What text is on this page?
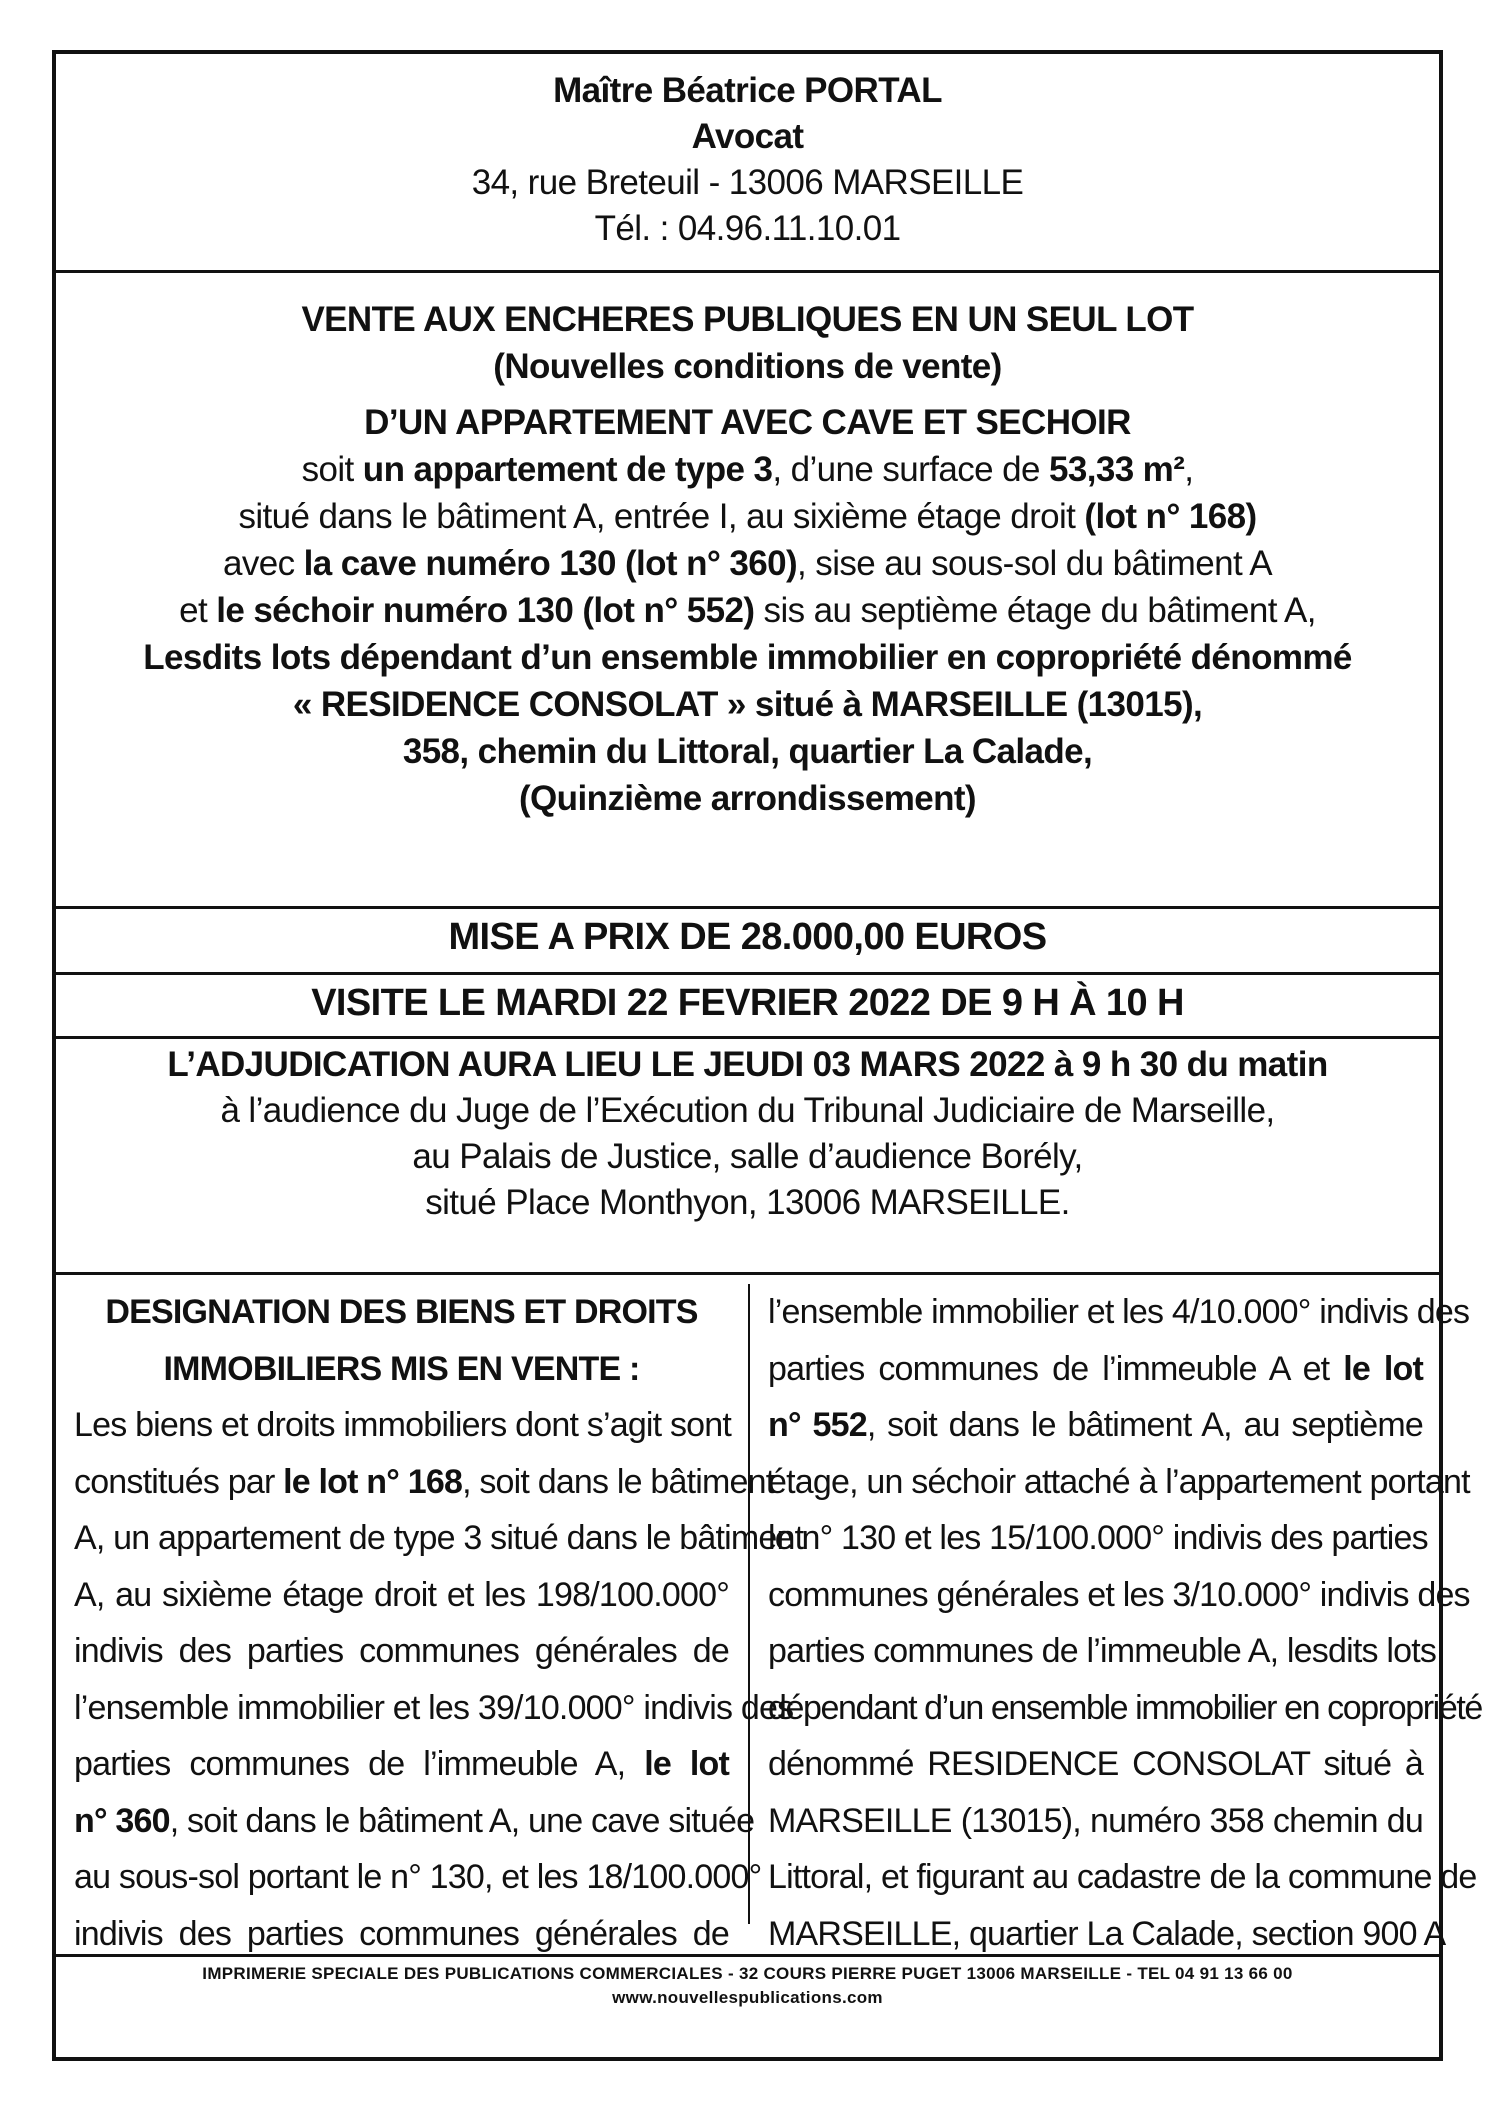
Maître Béatrice PORTAL
Avocat
34, rue Breteuil - 13006 MARSEILLE
Tél. : 04.96.11.10.01
VENTE AUX ENCHERES PUBLIQUES EN UN SEUL LOT
(Nouvelles conditions de vente)
D’UN APPARTEMENT AVEC CAVE ET SECHOIR
soit un appartement de type 3, d’une surface de 53,33 m²,
situé dans le bâtiment A, entrée I, au sixième étage droit (lot n° 168)
avec la cave numéro 130 (lot n° 360), sise au sous-sol du bâtiment A
et le séchoir numéro 130 (lot n° 552) sis au septième étage du bâtiment A,
Lesdits lots dépendant d’un ensemble immobilier en copropriété dénommé
« RESIDENCE CONSOLAT » situé à MARSEILLE (13015),
358, chemin du Littoral, quartier La Calade,
(Quinzième arrondissement)
MISE A PRIX DE 28.000,00 EUROS
VISITE LE MARDI 22 FEVRIER 2022 DE 9 H À 10 H
L’ADJUDICATION AURA LIEU LE JEUDI 03 MARS 2022 à 9 h 30 du matin
à l’audience du Juge de l’Exécution du Tribunal Judiciaire de Marseille,
au Palais de Justice, salle d’audience Borély,
situé Place Monthyon, 13006 MARSEILLE.
DESIGNATION DES BIENS ET DROITS
IMMOBILIERS MIS EN VENTE :
Les biens et droits immobiliers dont s’agit sont
constitués par le lot n° 168, soit dans le bâtiment
A, un appartement de type 3 situé dans le bâtiment
A, au sixième étage droit et les 198/100.000°
indivis des parties communes générales de
l’ensemble immobilier et les 39/10.000° indivis des
parties communes de l’immeuble A, le lot
n° 360, soit dans le bâtiment A, une cave située
au sous-sol portant le n° 130, et les 18/100.000°
indivis des parties communes générales de
l’ensemble immobilier et les 4/10.000° indivis des
parties communes de l’immeuble A et le lot
n° 552, soit dans le bâtiment A, au septième
étage, un séchoir attaché à l’appartement portant
le n° 130 et les 15/100.000° indivis des parties
communes générales et les 3/10.000° indivis des
parties communes de l’immeuble A, lesdits lots
dépendant d’un ensemble immobilier en copropriété
dénommé RESIDENCE CONSOLAT situé à
MARSEILLE (13015), numéro 358 chemin du
Littoral, et figurant au cadastre de la commune de
MARSEILLE, quartier La Calade, section 900 A
IMPRIMERIE SPECIALE DES PUBLICATIONS COMMERCIALES - 32 COURS PIERRE PUGET 13006 MARSEILLE - TEL 04 91 13 66 00
www.nouvellespublications.com
